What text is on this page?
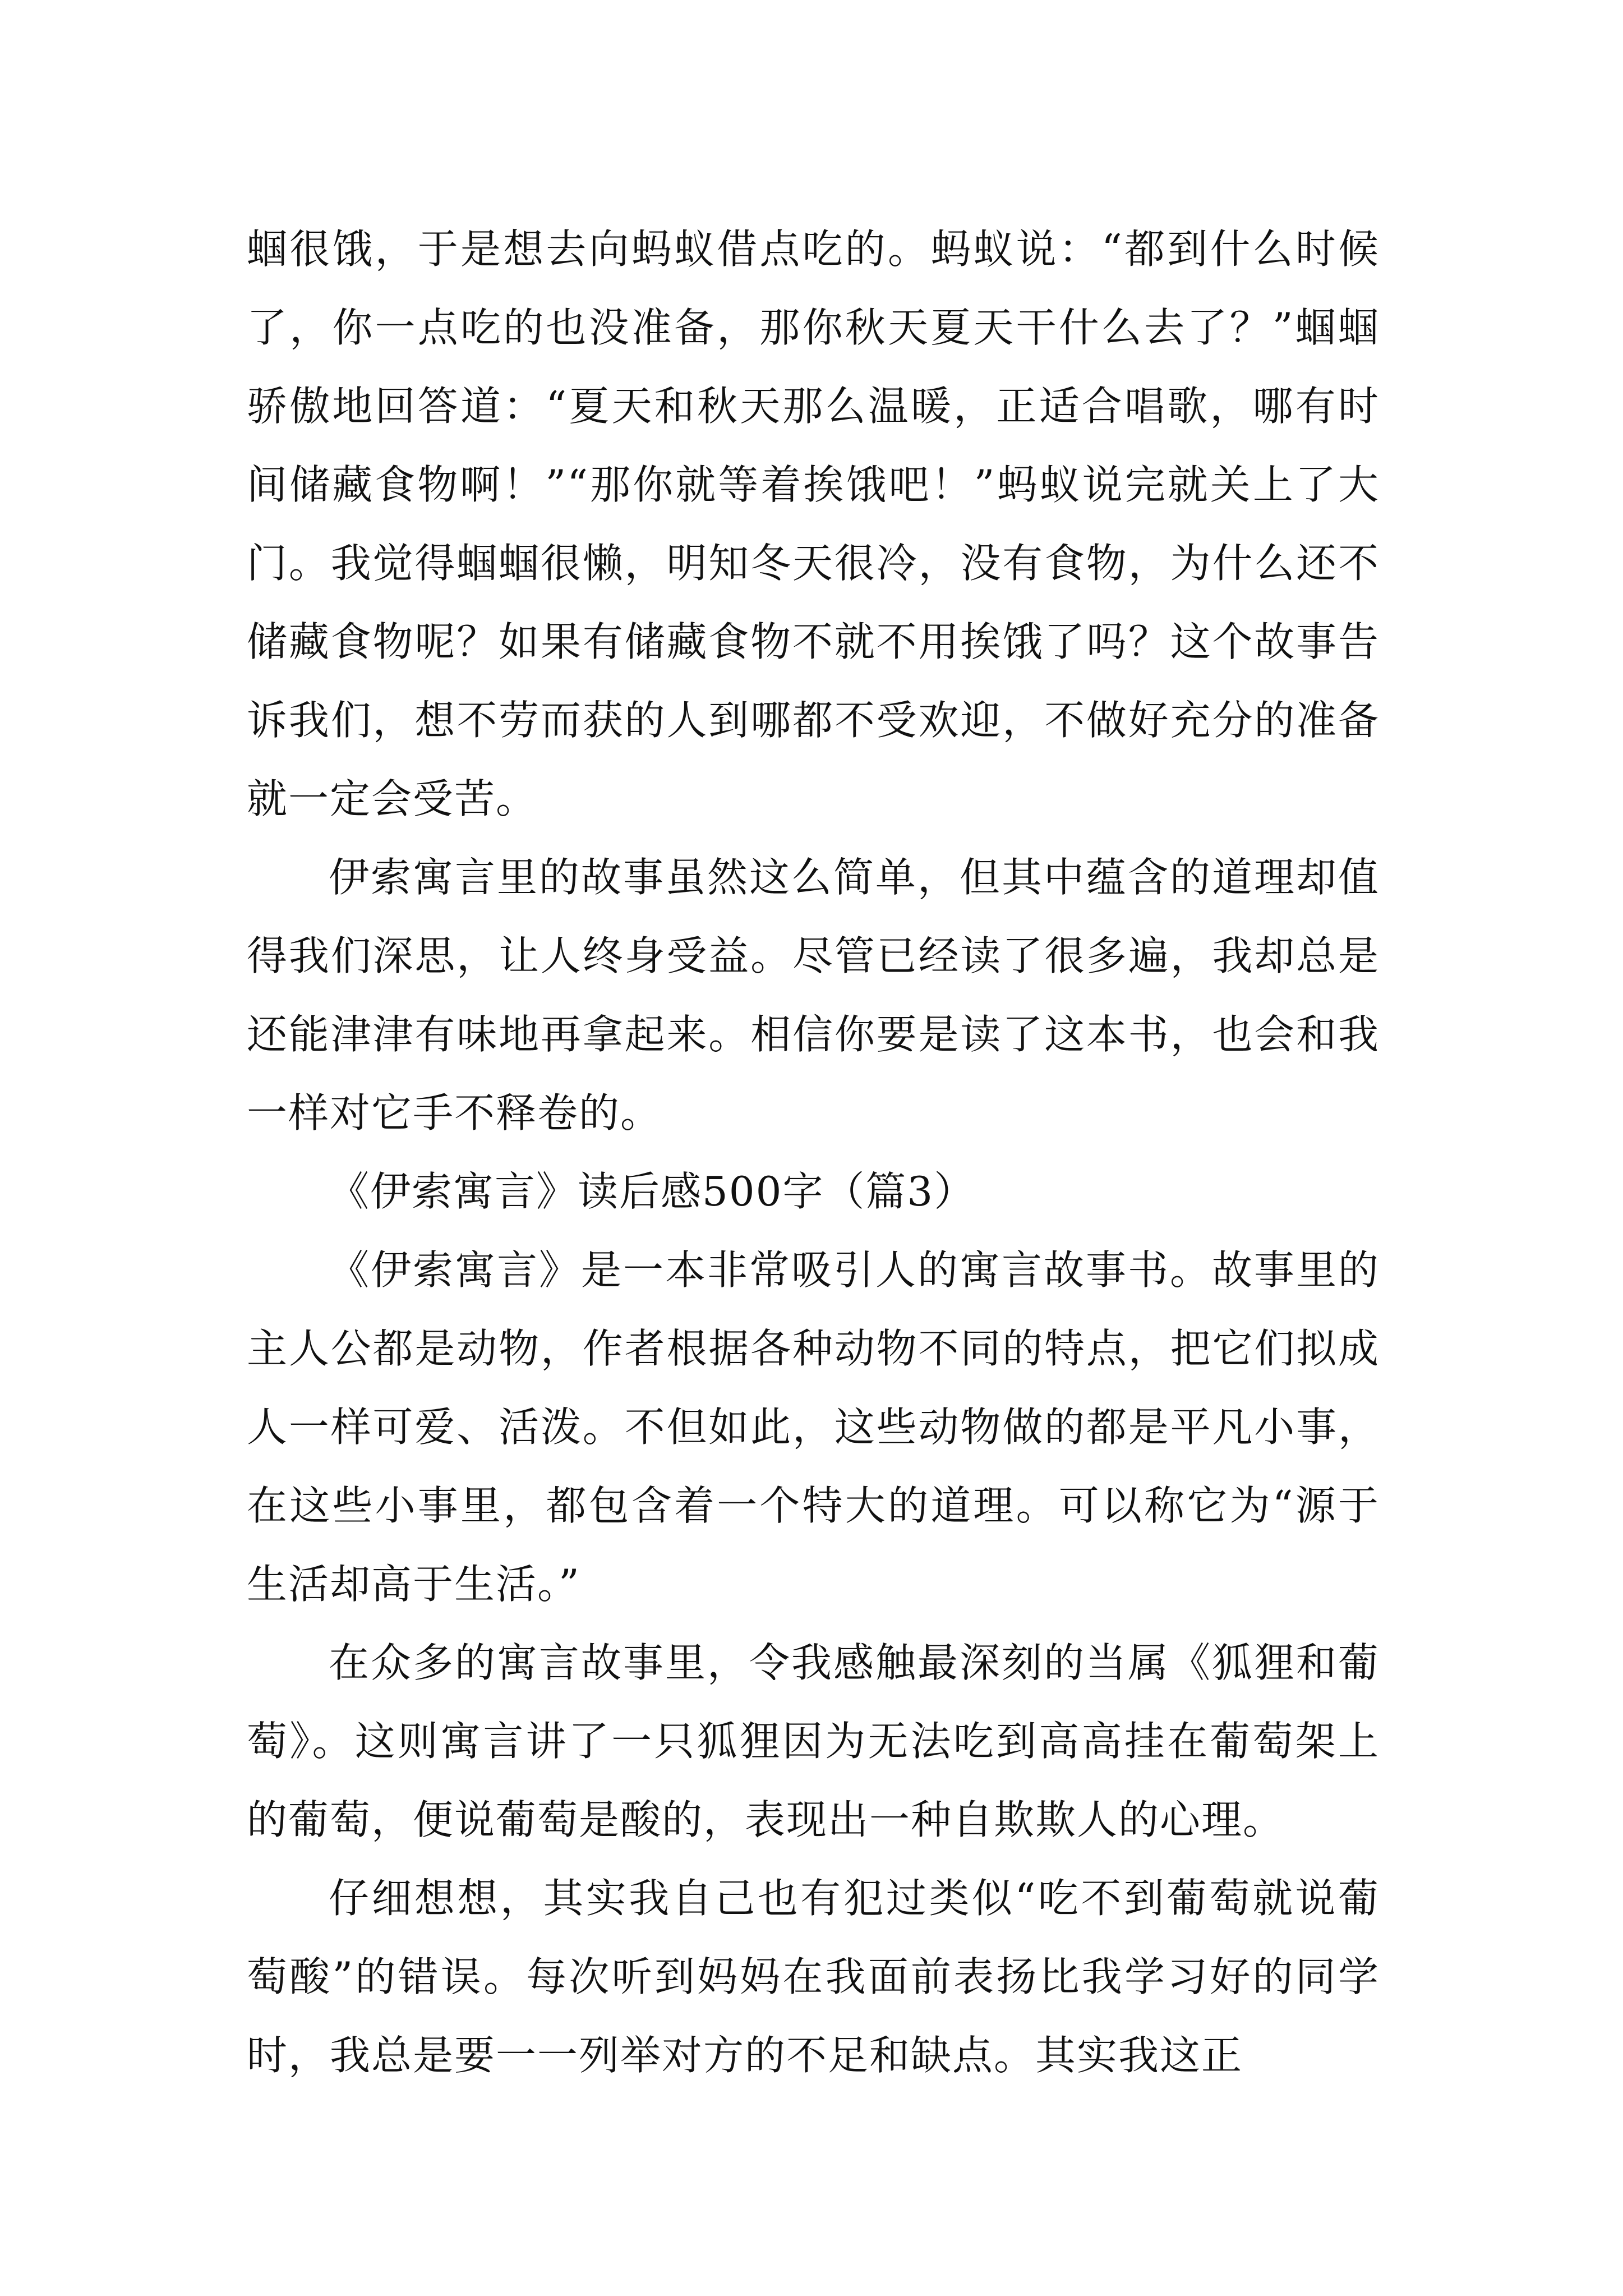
蝈很饿，于是想去向蚂蚁借点吃的。蚂蚁说：“都到什么时候了，你一点吃的也没准备，那你秋天夏天干什么去了？”蝈蝈骄傲地回答道：“夏天和秋天那么温暖，正适合唱歌，哪有时间储藏食物啊！”“那你就等着挨饿吧！”蚂蚁说完就关上了大门。我觉得蝈蝈很懒，明知冬天很冷，没有食物，为什么还不储藏食物呢？如果有储藏食物不就不用挨饿了吗？这个故事告诉我们，想不劳而获的人到哪都不受欢迎，不做好充分的准备就一定会受苦。

伊索寓言里的故事虽然这么简单，但其中蕴含的道理却值得我们深思，让人终身受益。尽管已经读了很多遍，我却总是还能津津有味地再拿起来。相信你要是读了这本书，也会和我一样对它手不释卷的。

《伊索寓言》读后感500字（篇3）

《伊索寓言》是一本非常吸引人的寓言故事书。故事里的主人公都是动物，作者根据各种动物不同的特点，把它们拟成人一样可爱、活泼。不但如此，这些动物做的都是平凡小事，在这些小事里，都包含着一个特大的道理。可以称它为“源于生活却高于生活。”

在众多的寓言故事里，令我感触最深刻的当属《狐狸和葡萄》。这则寓言讲了一只狐狸因为无法吃到高高挂在葡萄架上的葡萄，便说葡萄是酸的，表现出一种自欺欺人的心理。

仔细想想，其实我自己也有犯过类似“吃不到葡萄就说葡萄酸”的错误。每次听到妈妈在我面前表扬比我学习好的同学时，我总是要一一列举对方的不足和缺点。其实我这正
